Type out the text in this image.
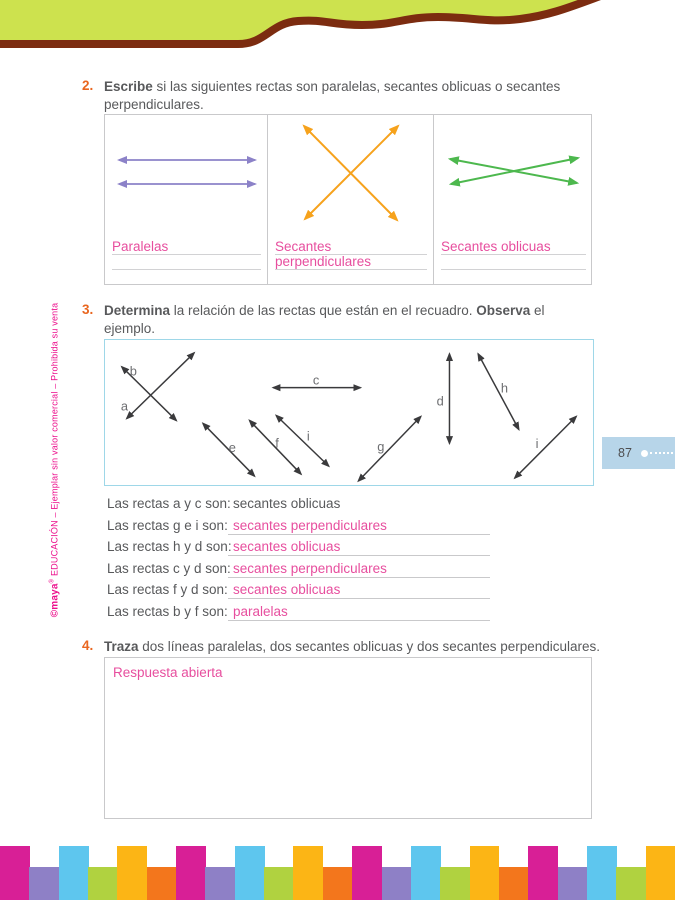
©maya® EDUCACIÓN – Ejemplar sin valor comercial – Prohibida su venta
2. Escribe si las siguientes rectas son paralelas, secantes oblicuas o secantes perpendiculares.
Paralelas	Secantes perpendiculares
Secantes oblicuas
3. Determina la relación de las rectas que están en el recuadro. Observa el ejemplo.
b
a
c
e	f i
g
d
h
i
Las rectas a y c son: secantes oblicuas
Las rectas g e i son: secantes perpendiculares
Las rectas h y d son: secantes oblicuas
Las rectas c y d son: secantes perpendiculares
Las rectas f y d son: secantes oblicuas
Las rectas b y f son: paralelas
4. Traza dos líneas paralelas, dos secantes oblicuas y dos secantes perpendiculares.
Respuesta abierta
87
